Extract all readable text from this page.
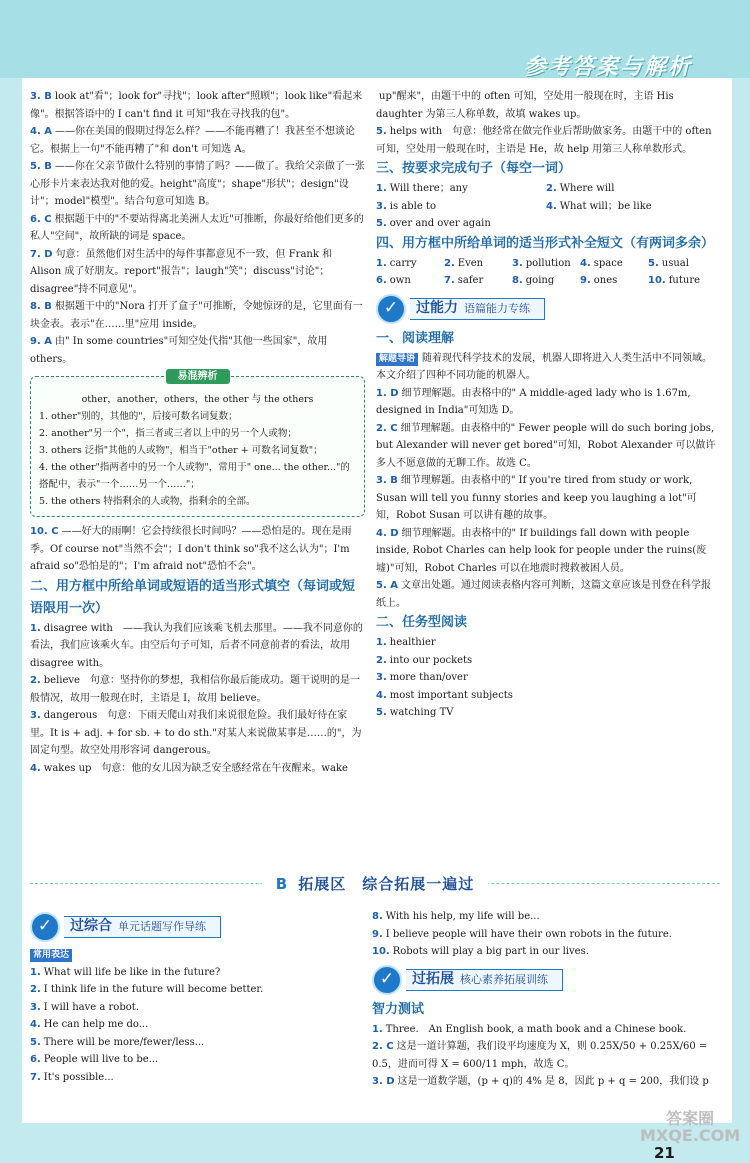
参考答案与解析
3. B look at"看"；look for"寻找"；look after"照顾"；look like"看起来像"。根据答语中的 I can't find it 可知"我在寻找我的包"。
4. A ——你在美国的假期过得怎么样？——不能再糟了！我甚至不想谈论它。根据上一句"不能再糟了"和 don't 可知选 A。
5. B ——你在父亲节做什么特别的事情了吗？——做了。我给父亲做了一张心形卡片来表达我对他的爱。height"高度"；shape"形状"；design"设计"；model"模型"。结合句意可知选 B。
6. C 根据题干中的"不要站得离北美洲人太近"可推断，你最好给他们更多的私人"空间"，故所缺的词是 space。
7. D 句意：虽然他们对生活中的每件事都意见不一致，但 Frank 和 Alison 成了好朋友。report"报告"；laugh"笑"；discuss"讨论"；disagree"持不同意见"。
8. B 根据题干中的"Nora 打开了盒子"可推断，令她惊讶的是，它里面有一块金表。表示"在……里"应用 inside。
9. A 由" In some countries"可知空处代指"其他一些国家"，故用 others。
易混辨析
other，another，others，the other 与 the others
1. other"别的，其他的"，后接可数名词复数；
2. another"另一个"，指三者或三者以上中的另一个人或物；
3. others 泛指"其他的人或物"，相当于"other + 可数名词复数"；
4. the other"指两者中的另一个人或物"，常用于" one... the other..."的搭配中，表示"一个……另一个……"；
5. the others 特指剩余的人或物，指剩余的全部。
10. C ——好大的雨啊！它会持续很长时间吗？——恐怕是的。现在是雨季。Of course not"当然不会"；I don't think so"我不这么认为"；I'm afraid so"恐怕是的"；I'm afraid not"恐怕不会"。
二、用方框中所给单词或短语的适当形式填空（每词或短语限用一次）
1. disagree with　——我认为我们应该乘飞机去那里。——我不同意你的看法，我们应该乘火车。由空后句子可知，后者不同意前者的看法，故用 disagree with。
2. believe　句意：坚持你的梦想，我相信你最后能成功。题干说明的是一般情况，故用一般现在时，主语是 I，故用 believe。
3. dangerous　句意：下雨天爬山对我们来说很危险。我们最好待在家里。It is + adj. + for sb. + to do sth."对某人来说做某事是……的"，为固定句型。故空处用形容词 dangerous。
4. wakes up　句意：他的女儿因为缺乏安全感经常在午夜醒来。wake
up"醒来"，由题干中的 often 可知，空处用一般现在时，主语 His daughter 为第三人称单数，故填 wakes up。
5. helps with　句意：他经常在做完作业后帮助做家务。由题干中的 often 可知，空处用一般现在时，主语是 He，故 help 用第三人称单数形式。
三、按要求完成句子（每空一词）
1. Will there；any	2. Where will
3. is able to	4. What will；be like
5. over and over again
四、用方框中所给单词的适当形式补全短文（有两词多余）
1. carry	2. Even	3. pollution 4. space	5. usual
6. own	7. safer	8. going	9. ones	10. future
✓	过能力 语篇能力专练
一、阅读理解
解题导语 随着现代科学技术的发展，机器人即将进入人类生活中不同领域。本文介绍了四种不同功能的机器人。
1. D 细节理解题。由表格中的" A middle-aged lady who is 1.67m, designed in India"可知选 D。
2. C 细节理解题。由表格中的" Fewer people will do such boring jobs, but Alexander will never get bored"可知，Robot Alexander 可以做许多人不愿意做的无聊工作。故选 C。
3. B 细节理解题。由表格中的" If you're tired from study or work, Susan will tell you funny stories and keep you laughing a lot"可知，Robot Susan 可以讲有趣的故事。
4. D 细节理解题。由表格中的" If buildings fall down with people inside, Robot Charles can help look for people under the ruins(废墟)"可知，Robot Charles 可以在地震时搜救被困人员。
5. A 文章出处题。通过阅读表格内容可判断，这篇文章应该是刊登在科学报纸上。
二、任务型阅读
1. healthier
2. into our pockets
3. more than/over
4. most important subjects
5. watching TV
B 拓展区　综合拓展一遍过
✓	过综合 单元话题写作导练
常用表达
1. What will life be like in the future?
2. I think life in the future will become better.
3. I will have a robot.
4. He can help me do...
5. There will be more/fewer/less...
6. People will live to be...
7. It's possible...
8. With his help, my life will be...
9. I believe people will have their own robots in the future.
10. Robots will play a big part in our lives.
✓	过拓展 核心素养拓展训练
智力测试
1. Three.　An English book, a math book and a Chinese book.
2. C 这是一道计算题，我们设平均速度为 X，则 0.25X/50 + 0.25X/60 = 0.5，进而可得 X = 600/11 mph，故选 C。
3. D 这是一道数学题，(p + q)的 4% 是 8，因此 p + q = 200，我们设 p
答案圈
MXQE.COM
21
